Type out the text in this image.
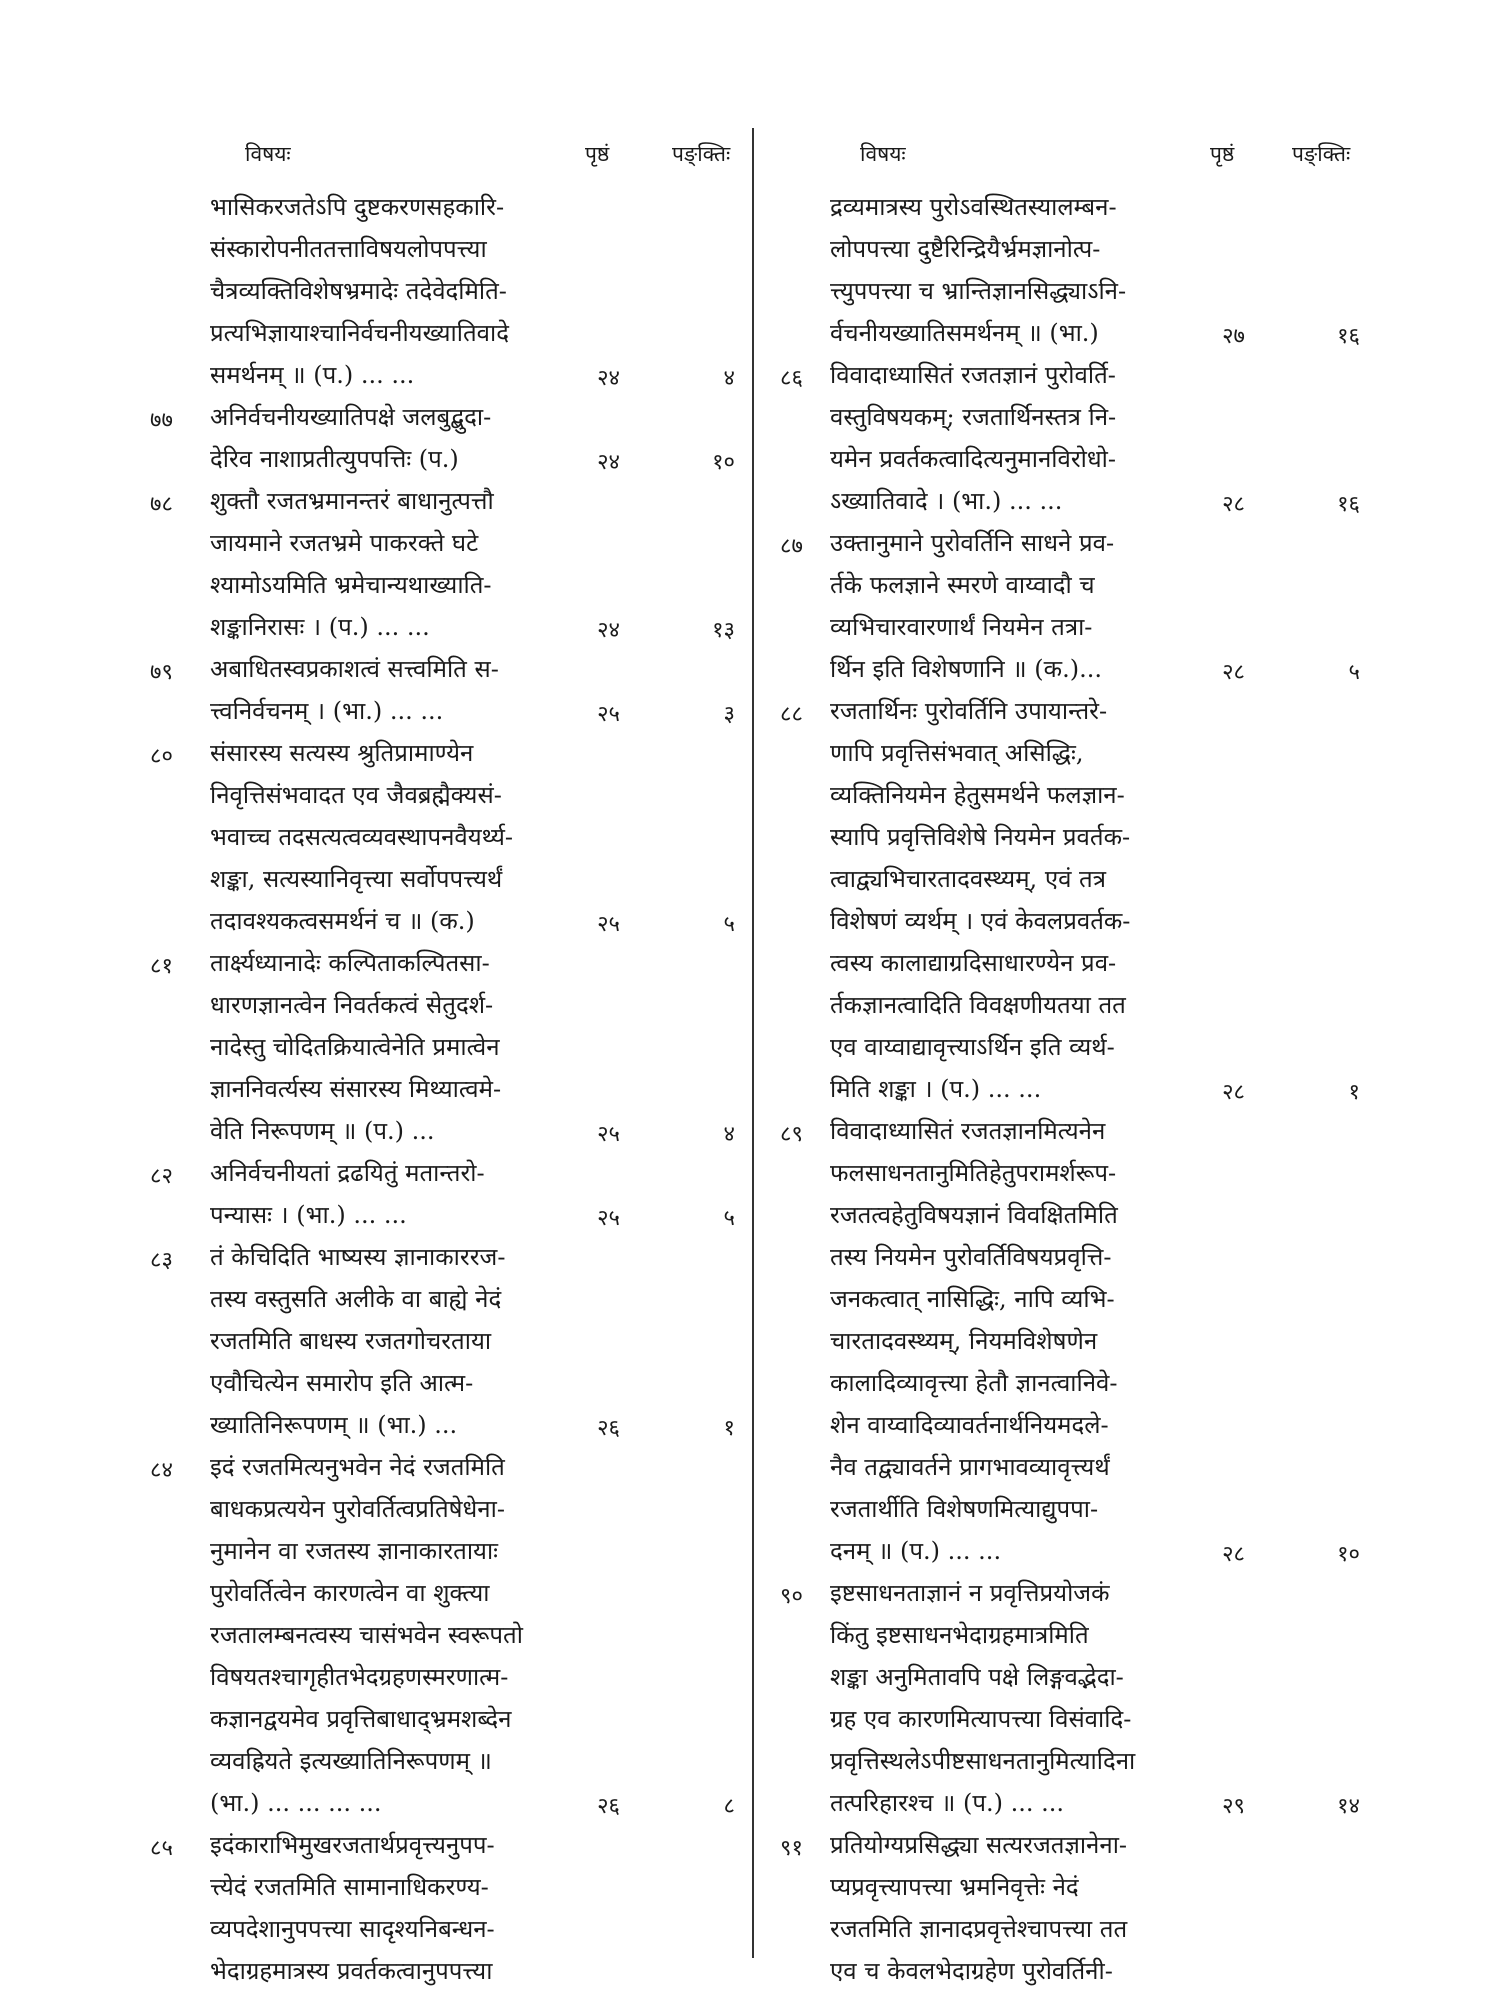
विषयः	पृष्ठं	पङ्क्तिः
भासिकरजतेऽपि दुष्टकरणसहकारि-
संस्कारोपनीततत्ताविषयलोपपत्त्या
चैत्रव्यक्तिविशेषभ्रमादेः तदेवेदमिति-
प्रत्यभिज्ञायाश्चानिर्वचनीयख्यातिवादे
समर्थनम् ॥ (प.) ... ...	२४	४
७७ अनिर्वचनीयख्यातिपक्षे जलबुद्बुदा-
देरिव नाशाप्रतीत्युपपत्तिः (प.)	२४	१०
७८ शुक्तौ रजतभ्रमानन्तरं बाधानुत्पत्तौ
जायमाने रजतभ्रमे पाकरक्ते घटे
श्यामोऽयमिति भ्रमेचान्यथाख्याति-
शङ्कानिरासः । (प.) ... ...	२४	१३
७९ अबाधितस्वप्रकाशत्वं सत्त्वमिति स-
त्त्वनिर्वचनम् । (भा.) ... ...	२५	३
८० संसारस्य सत्यस्य श्रुतिप्रामाण्येन
निवृत्तिसंभवादत एव जैवब्रह्मैक्यसं-
भवाच्च तदसत्यत्वव्यवस्थापनवैयर्थ्य-
शङ्का, सत्यस्यानिवृत्त्या सर्वोपपत्त्यर्थं
तदावश्यकत्वसमर्थनं च ॥ (क.)	२५	५
८१ तार्क्ष्यध्यानादेः कल्पिताकल्पितसा-
धारणज्ञानत्वेन निवर्तकत्वं सेतुदर्श-
नादेस्तु चोदितक्रियात्वेनेति प्रमात्वेन
ज्ञाननिवर्त्यस्य संसारस्य मिथ्यात्वमे-
वेति निरूपणम् ॥ (प.) ...	२५	४
८२ अनिर्वचनीयतां द्रढयितुं मतान्तरो-
पन्यासः । (भा.) ... ...	२५	५
८३ तं केचिदिति भाष्यस्य ज्ञानाकाररज-
तस्य वस्तुसति अलीके वा बाह्ये नेदं
रजतमिति बाधस्य रजतगोचरताया
एवौचित्येन समारोप इति आत्म-
ख्यातिनिरूपणम् ॥ (भा.) ...	२६	१
८४ इदं रजतमित्यनुभवेन नेदं रजतमिति
बाधकप्रत्ययेन पुरोवर्तित्वप्रतिषेधेना-
नुमानेन वा रजतस्य ज्ञानाकारतायाः
पुरोवर्तित्वेन कारणत्वेन वा शुक्त्या
रजतालम्बनत्वस्य चासंभवेन स्वरूपतो
विषयतश्चागृहीतभेदग्रहणस्मरणात्म-
कज्ञानद्वयमेव प्रवृत्तिबाधाद्भ्रमशब्देन
व्यवह्रियते इत्यख्यातिनिरूपणम् ॥
(भा.) ... ... ... ...	२६	८
८५ इदंकाराभिमुखरजतार्थप्रवृत्त्यनुपप-
त्त्येदं रजतमिति सामानाधिकरण्य-
व्यपदेशानुपपत्त्या सादृश्यनिबन्धन-
भेदाग्रहमात्रस्य प्रवर्तकत्वानुपपत्त्या
विषयः	पृष्ठं	पङ्क्तिः
द्रव्यमात्रस्य पुरोऽवस्थितस्यालम्बन-
लोपपत्त्या दुष्टैरिन्द्रियैर्भ्रमज्ञानोत्प-
त्त्युपपत्त्या च भ्रान्तिज्ञानसिद्ध्याऽनि-
र्वचनीयख्यातिसमर्थनम् ॥ (भा.)	२७	१६
८६ विवादाध्यासितं रजतज्ञानं पुरोवर्ति-
वस्तुविषयकम्; रजतार्थिनस्तत्र नि-
यमेन प्रवर्तकत्वादित्यनुमानविरोधो-
ऽख्यातिवादे । (भा.) ... ...	२८	१६
८७ उक्तानुमाने पुरोवर्तिनि साधने प्रव-
र्तके फलज्ञाने स्मरणे वाय्वादौ च
व्यभिचारवारणार्थं नियमेन तत्रा-
र्थिन इति विशेषणानि ॥ (क.)...	२८	५
८८ रजतार्थिनः पुरोवर्तिनि उपायान्तरे-
णापि प्रवृत्तिसंभवात् असिद्धिः,
व्यक्तिनियमेन हेतुसमर्थने फलज्ञान-
स्यापि प्रवृत्तिविशेषे नियमेन प्रवर्तक-
त्वाद्व्यभिचारतादवस्थ्यम्, एवं तत्र
विशेषणं व्यर्थम् । एवं केवलप्रवर्तक-
त्वस्य कालाद्याग्रदिसाधारण्येन प्रव-
र्तकज्ञानत्वादिति विवक्षणीयतया तत
एव वाय्वाद्यावृत्त्याऽर्थिन इति व्यर्थ-
मिति शङ्का । (प.) ... ...	२८	१
८९ विवादाध्यासितं रजतज्ञानमित्यनेन
फलसाधनतानुमितिहेतुपरामर्शरूप-
रजतत्वहेतुविषयज्ञानं विवक्षितमिति
तस्य नियमेन पुरोवर्तिविषयप्रवृत्ति-
जनकत्वात् नासिद्धिः, नापि व्यभि-
चारतादवस्थ्यम्, नियमविशेषणेन
कालादिव्यावृत्त्या हेतौ ज्ञानत्वानिवे-
शेन वाय्वादिव्यावर्तनार्थनियमदले-
नैव तद्व्यावर्तने प्रागभावव्यावृत्त्यर्थं
रजतार्थीति विशेषणमित्याद्युपपा-
दनम् ॥ (प.) ... ...	२८	१०
९० इष्टसाधनताज्ञानं न प्रवृत्तिप्रयोजकं
किंतु इष्टसाधनभेदाग्रहमात्रमिति
शङ्का अनुमितावपि पक्षे लिङ्गवद्भेदा-
ग्रह एव कारणमित्यापत्त्या विसंवादि-
प्रवृत्तिस्थलेऽपीष्टसाधनतानुमित्यादिना
तत्परिहारश्च ॥ (प.) ... ...	२९	१४
९१ प्रतियोग्यप्रसिद्ध्या सत्यरजतज्ञानेना-
प्यप्रवृत्त्यापत्त्या भ्रमनिवृत्तेः नेदं
रजतमिति ज्ञानादप्रवृत्तेश्चापत्त्या तत
एव च केवलभेदाग्रहेण पुरोवर्तिनी-
